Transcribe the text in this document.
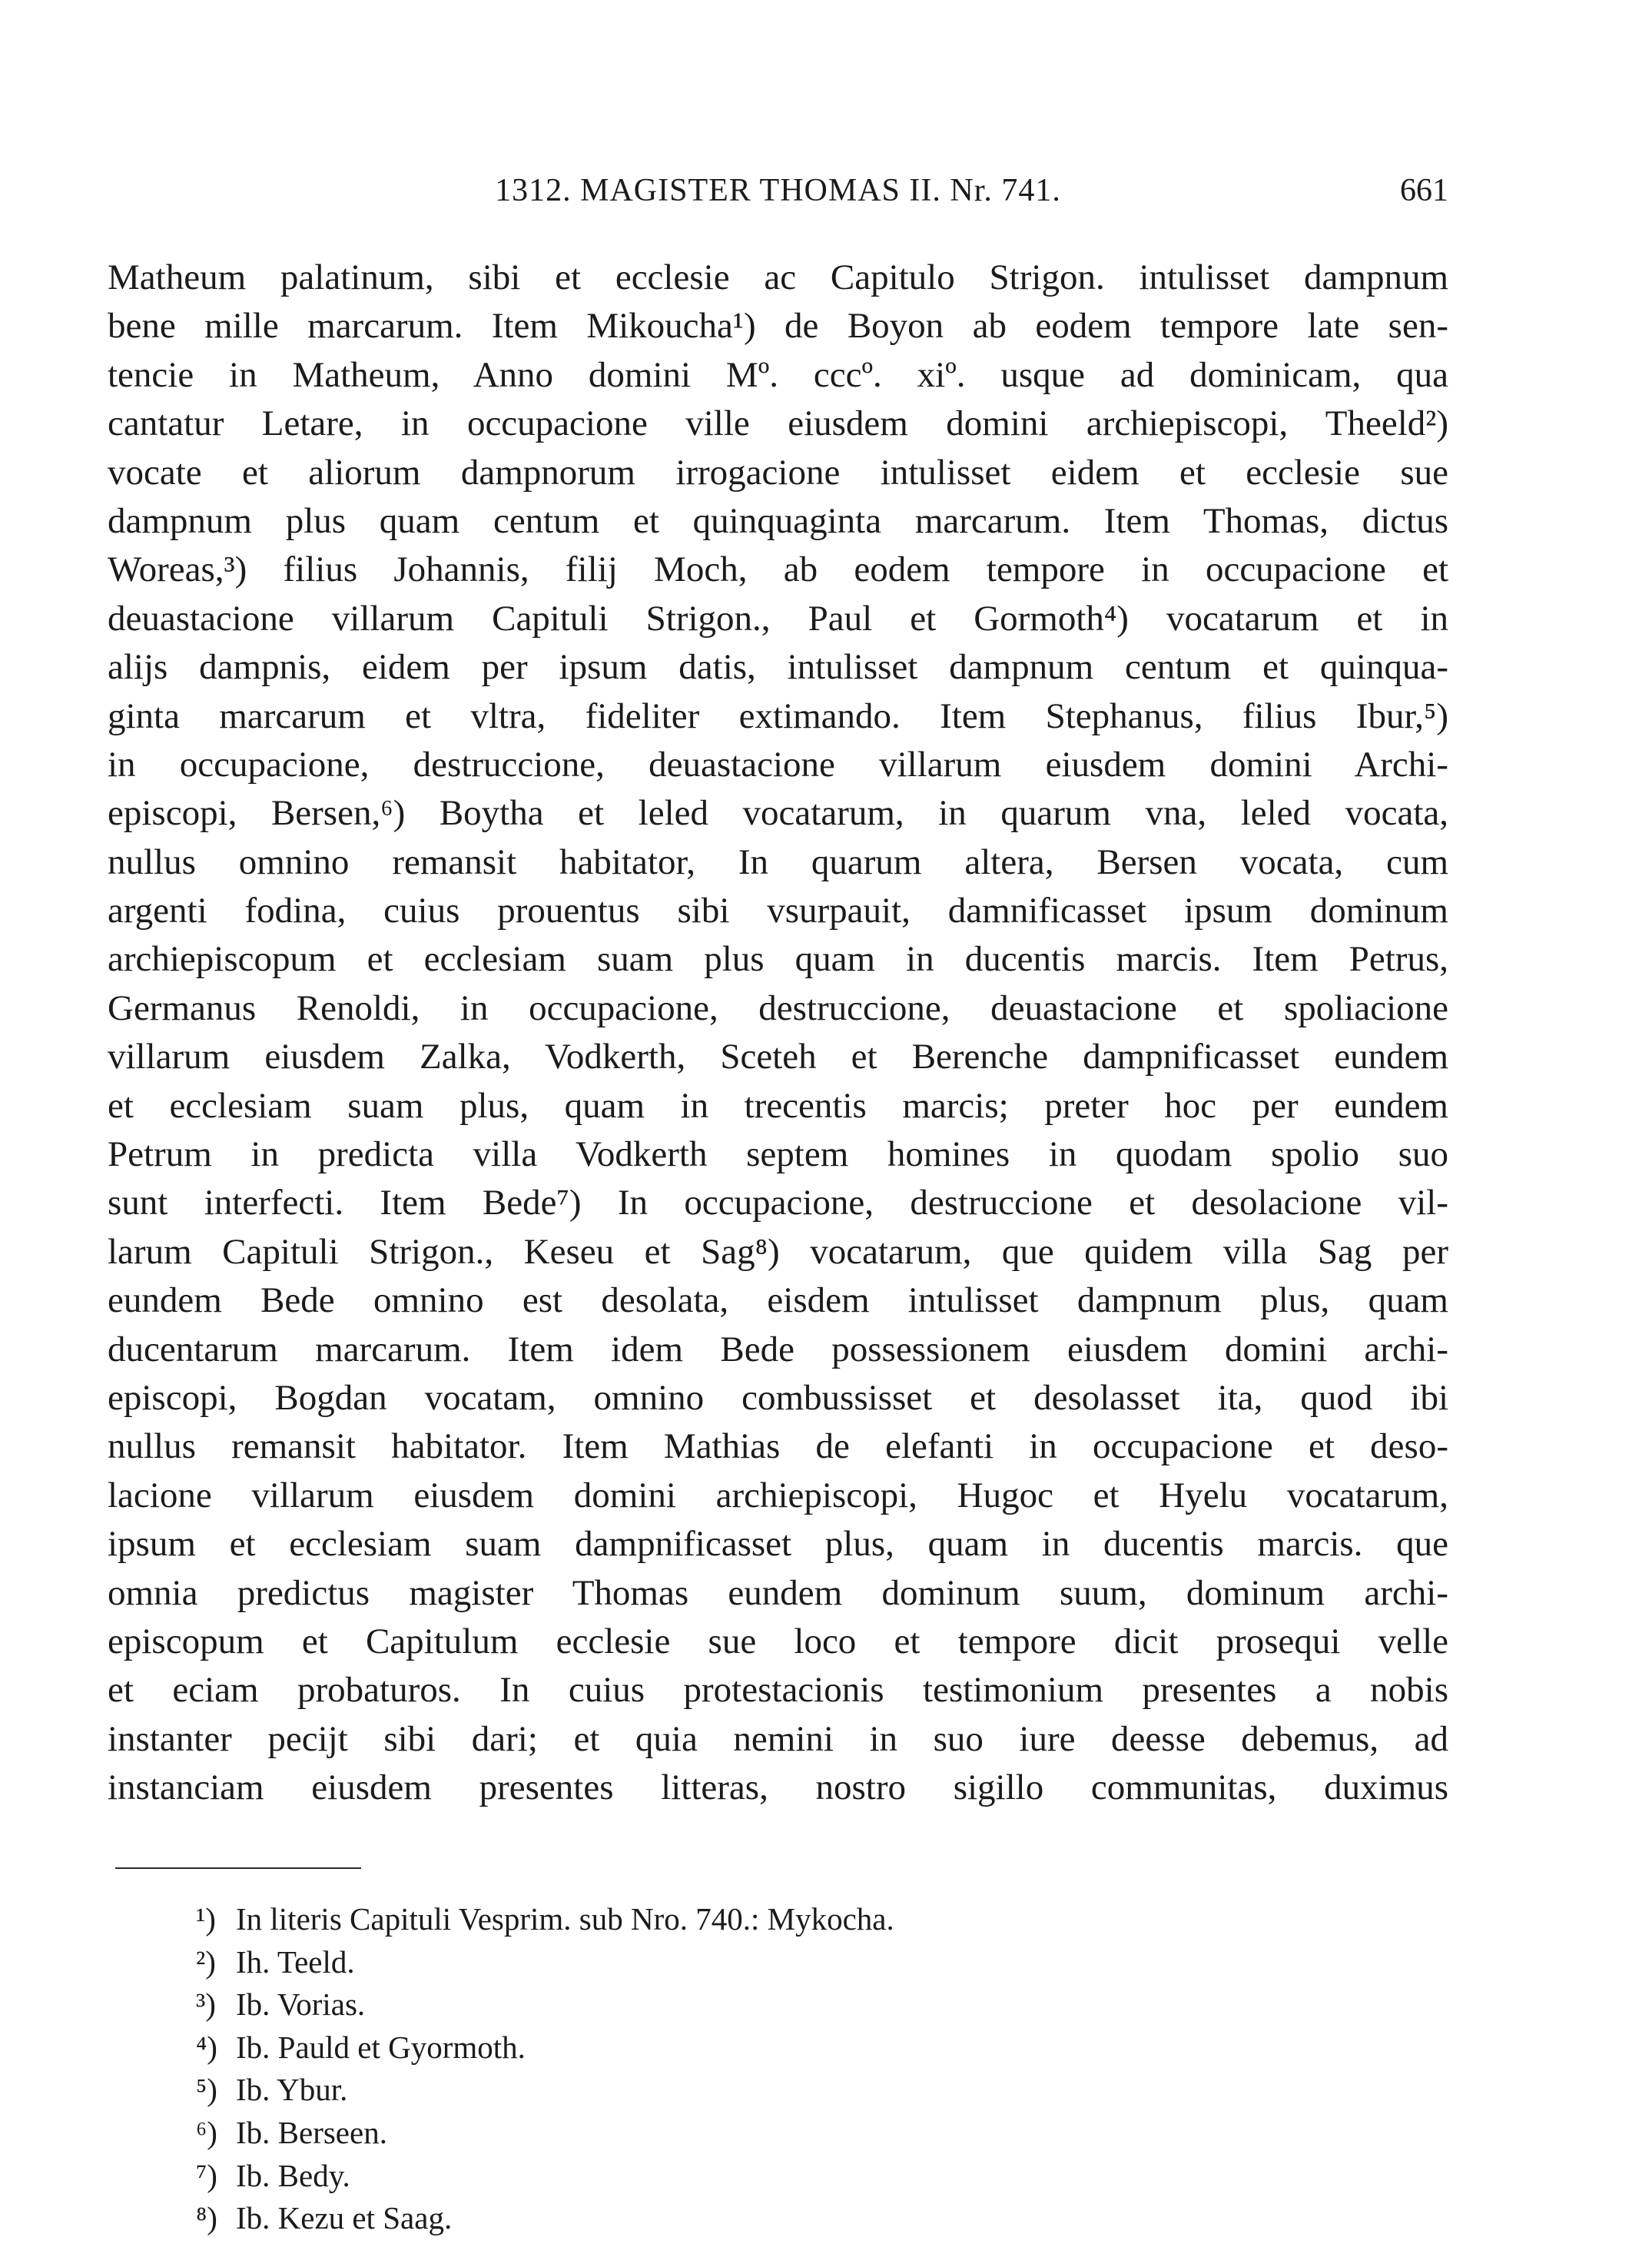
1312. MAGISTER THOMAS II. Nr. 741.	661
Matheum palatinum, sibi et ecclesie ac Capitulo Strigon. intulisset dampnum
bene mille marcarum. Item Mikoucha¹) de Boyon ab eodem tempore late sen-
tencie in Matheum, Anno domini Mº. cccº. xiº. usque ad dominicam, qua
cantatur Letare, in occupacione ville eiusdem domini archiepiscopi, Theeld²)
vocate et aliorum dampnorum irrogacione intulisset eidem et ecclesie sue
dampnum plus quam centum et quinquaginta marcarum. Item Thomas, dictus
Woreas,³) filius Johannis, filij Moch, ab eodem tempore in occupacione et
deuastacione villarum Capituli Strigon., Paul et Gormoth⁴) vocatarum et in
alijs dampnis, eidem per ipsum datis, intulisset dampnum centum et quinqua-
ginta marcarum et vltra, fideliter extimando. Item Stephanus, filius Ibur,⁵)
in occupacione, destruccione, deuastacione villarum eiusdem domini Archi-
episcopi, Bersen,⁶) Boytha et leled vocatarum, in quarum vna, leled vocata,
nullus omnino remansit habitator, In quarum altera, Bersen vocata, cum
argenti fodina, cuius prouentus sibi vsurpauit, damnificasset ipsum dominum
archiepiscopum et ecclesiam suam plus quam in ducentis marcis. Item Petrus,
Germanus Renoldi, in occupacione, destruccione, deuastacione et spoliacione
villarum eiusdem Zalka, Vodkerth, Sceteh et Berenche dampnificasset eundem
et ecclesiam suam plus, quam in trecentis marcis; preter hoc per eundem
Petrum in predicta villa Vodkerth septem homines in quodam spolio suo
sunt interfecti. Item Bede⁷) In occupacione, destruccione et desolacione vil-
larum Capituli Strigon., Keseu et Sag⁸) vocatarum, que quidem villa Sag per
eundem Bede omnino est desolata, eisdem intulisset dampnum plus, quam
ducentarum marcarum. Item idem Bede possessionem eiusdem domini archi-
episcopi, Bogdan vocatam, omnino combussisset et desolasset ita, quod ibi
nullus remansit habitator. Item Mathias de elefanti in occupacione et deso-
lacione villarum eiusdem domini archiepiscopi, Hugoc et Hyelu vocatarum,
ipsum et ecclesiam suam dampnificasset plus, quam in ducentis marcis. que
omnia predictus magister Thomas eundem dominum suum, dominum archi-
episcopum et Capitulum ecclesie sue loco et tempore dicit prosequi velle
et eciam probaturos. In cuius protestacionis testimonium presentes a nobis
instanter pecijt sibi dari; et quia nemini in suo iure deesse debemus, ad
instanciam eiusdem presentes litteras, nostro sigillo communitas, duximus
¹) In literis Capituli Vesprim. sub Nro. 740.: Mykocha.
²) Ih. Teeld.
³) Ib. Vorias.
⁴) Ib. Pauld et Gyormoth.
⁵) Ib. Ybur.
⁶) Ib. Berseen.
⁷) Ib. Bedy.
⁸) Ib. Kezu et Saag.
